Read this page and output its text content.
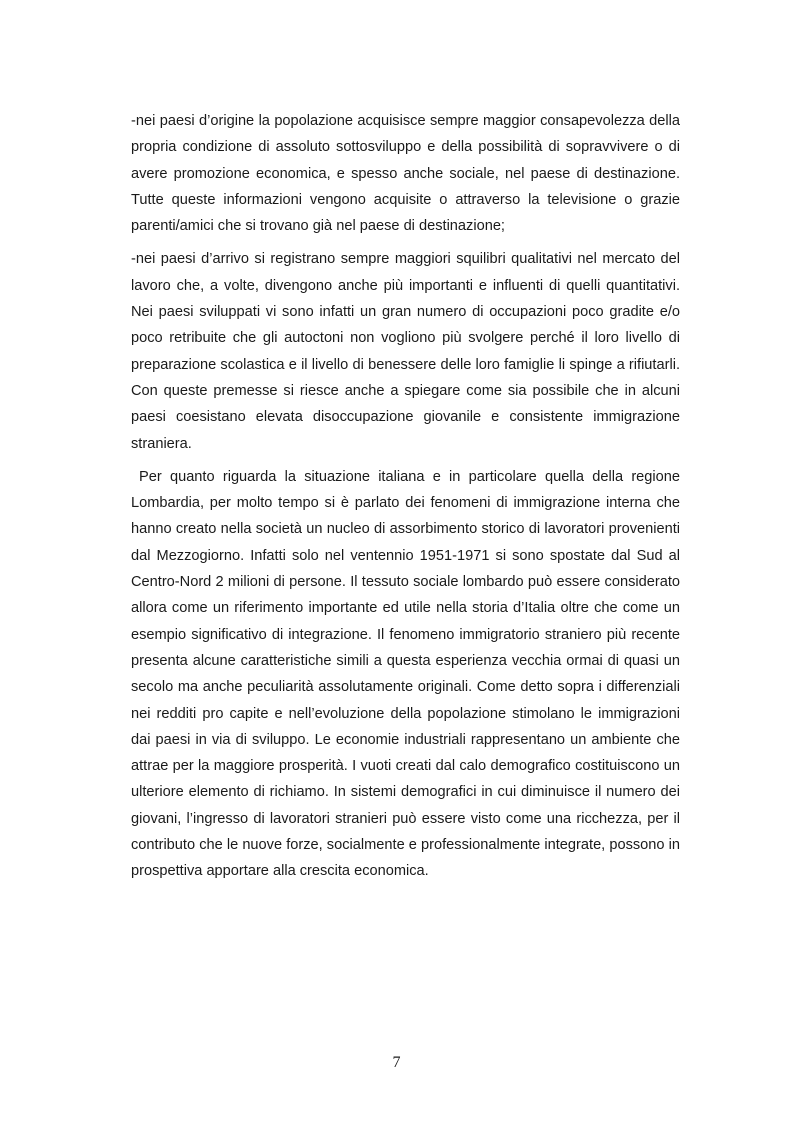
-nei paesi d’origine la popolazione acquisisce sempre maggior consapevolezza della propria condizione di assoluto sottosviluppo e della possibilità di sopravvivere o di avere promozione economica, e spesso anche sociale, nel paese di destinazione. Tutte queste informazioni vengono acquisite o attraverso la televisione o grazie parenti/amici che si trovano già nel paese di destinazione;

-nei paesi d’arrivo si registrano sempre maggiori squilibri qualitativi nel mercato del lavoro che, a volte, divengono anche più importanti e influenti di quelli quantitativi. Nei paesi sviluppati vi sono infatti un gran numero di occupazioni poco gradite e/o poco retribuite che gli autoctoni non vogliono più svolgere perché il loro livello di preparazione scolastica e il livello di benessere delle loro famiglie li spinge a rifiutarli. Con queste premesse si riesce anche a spiegare come sia possibile che in alcuni paesi coesistano elevata disoccupazione giovanile e consistente immigrazione straniera.

Per quanto riguarda la situazione italiana e in particolare quella della regione Lombardia, per molto tempo si è parlato dei fenomeni di immigrazione interna che hanno creato nella società un nucleo di assorbimento storico di lavoratori provenienti dal Mezzogiorno. Infatti solo nel ventennio 1951-1971 si sono spostate dal Sud al Centro-Nord 2 milioni di persone. Il tessuto sociale lombardo può essere considerato allora come un riferimento importante ed utile nella storia d’Italia oltre che come un esempio significativo di integrazione. Il fenomeno immigratorio straniero più recente presenta alcune caratteristiche simili a questa esperienza vecchia ormai di quasi un secolo ma anche peculiarità assolutamente originali. Come detto sopra i differenziali nei redditi pro capite e nell’evoluzione della popolazione stimolano le immigrazioni dai paesi in via di sviluppo. Le economie industriali rappresentano un ambiente che attrae per la maggiore prosperità. I vuoti creati dal calo demografico costituiscono un ulteriore elemento di richiamo. In sistemi demografici in cui diminuisce il numero dei giovani, l’ingresso di lavoratori stranieri può essere visto come una ricchezza, per il contributo che le nuove forze, socialmente e professionalmente integrate, possono in prospettiva apportare alla crescita economica.

7
